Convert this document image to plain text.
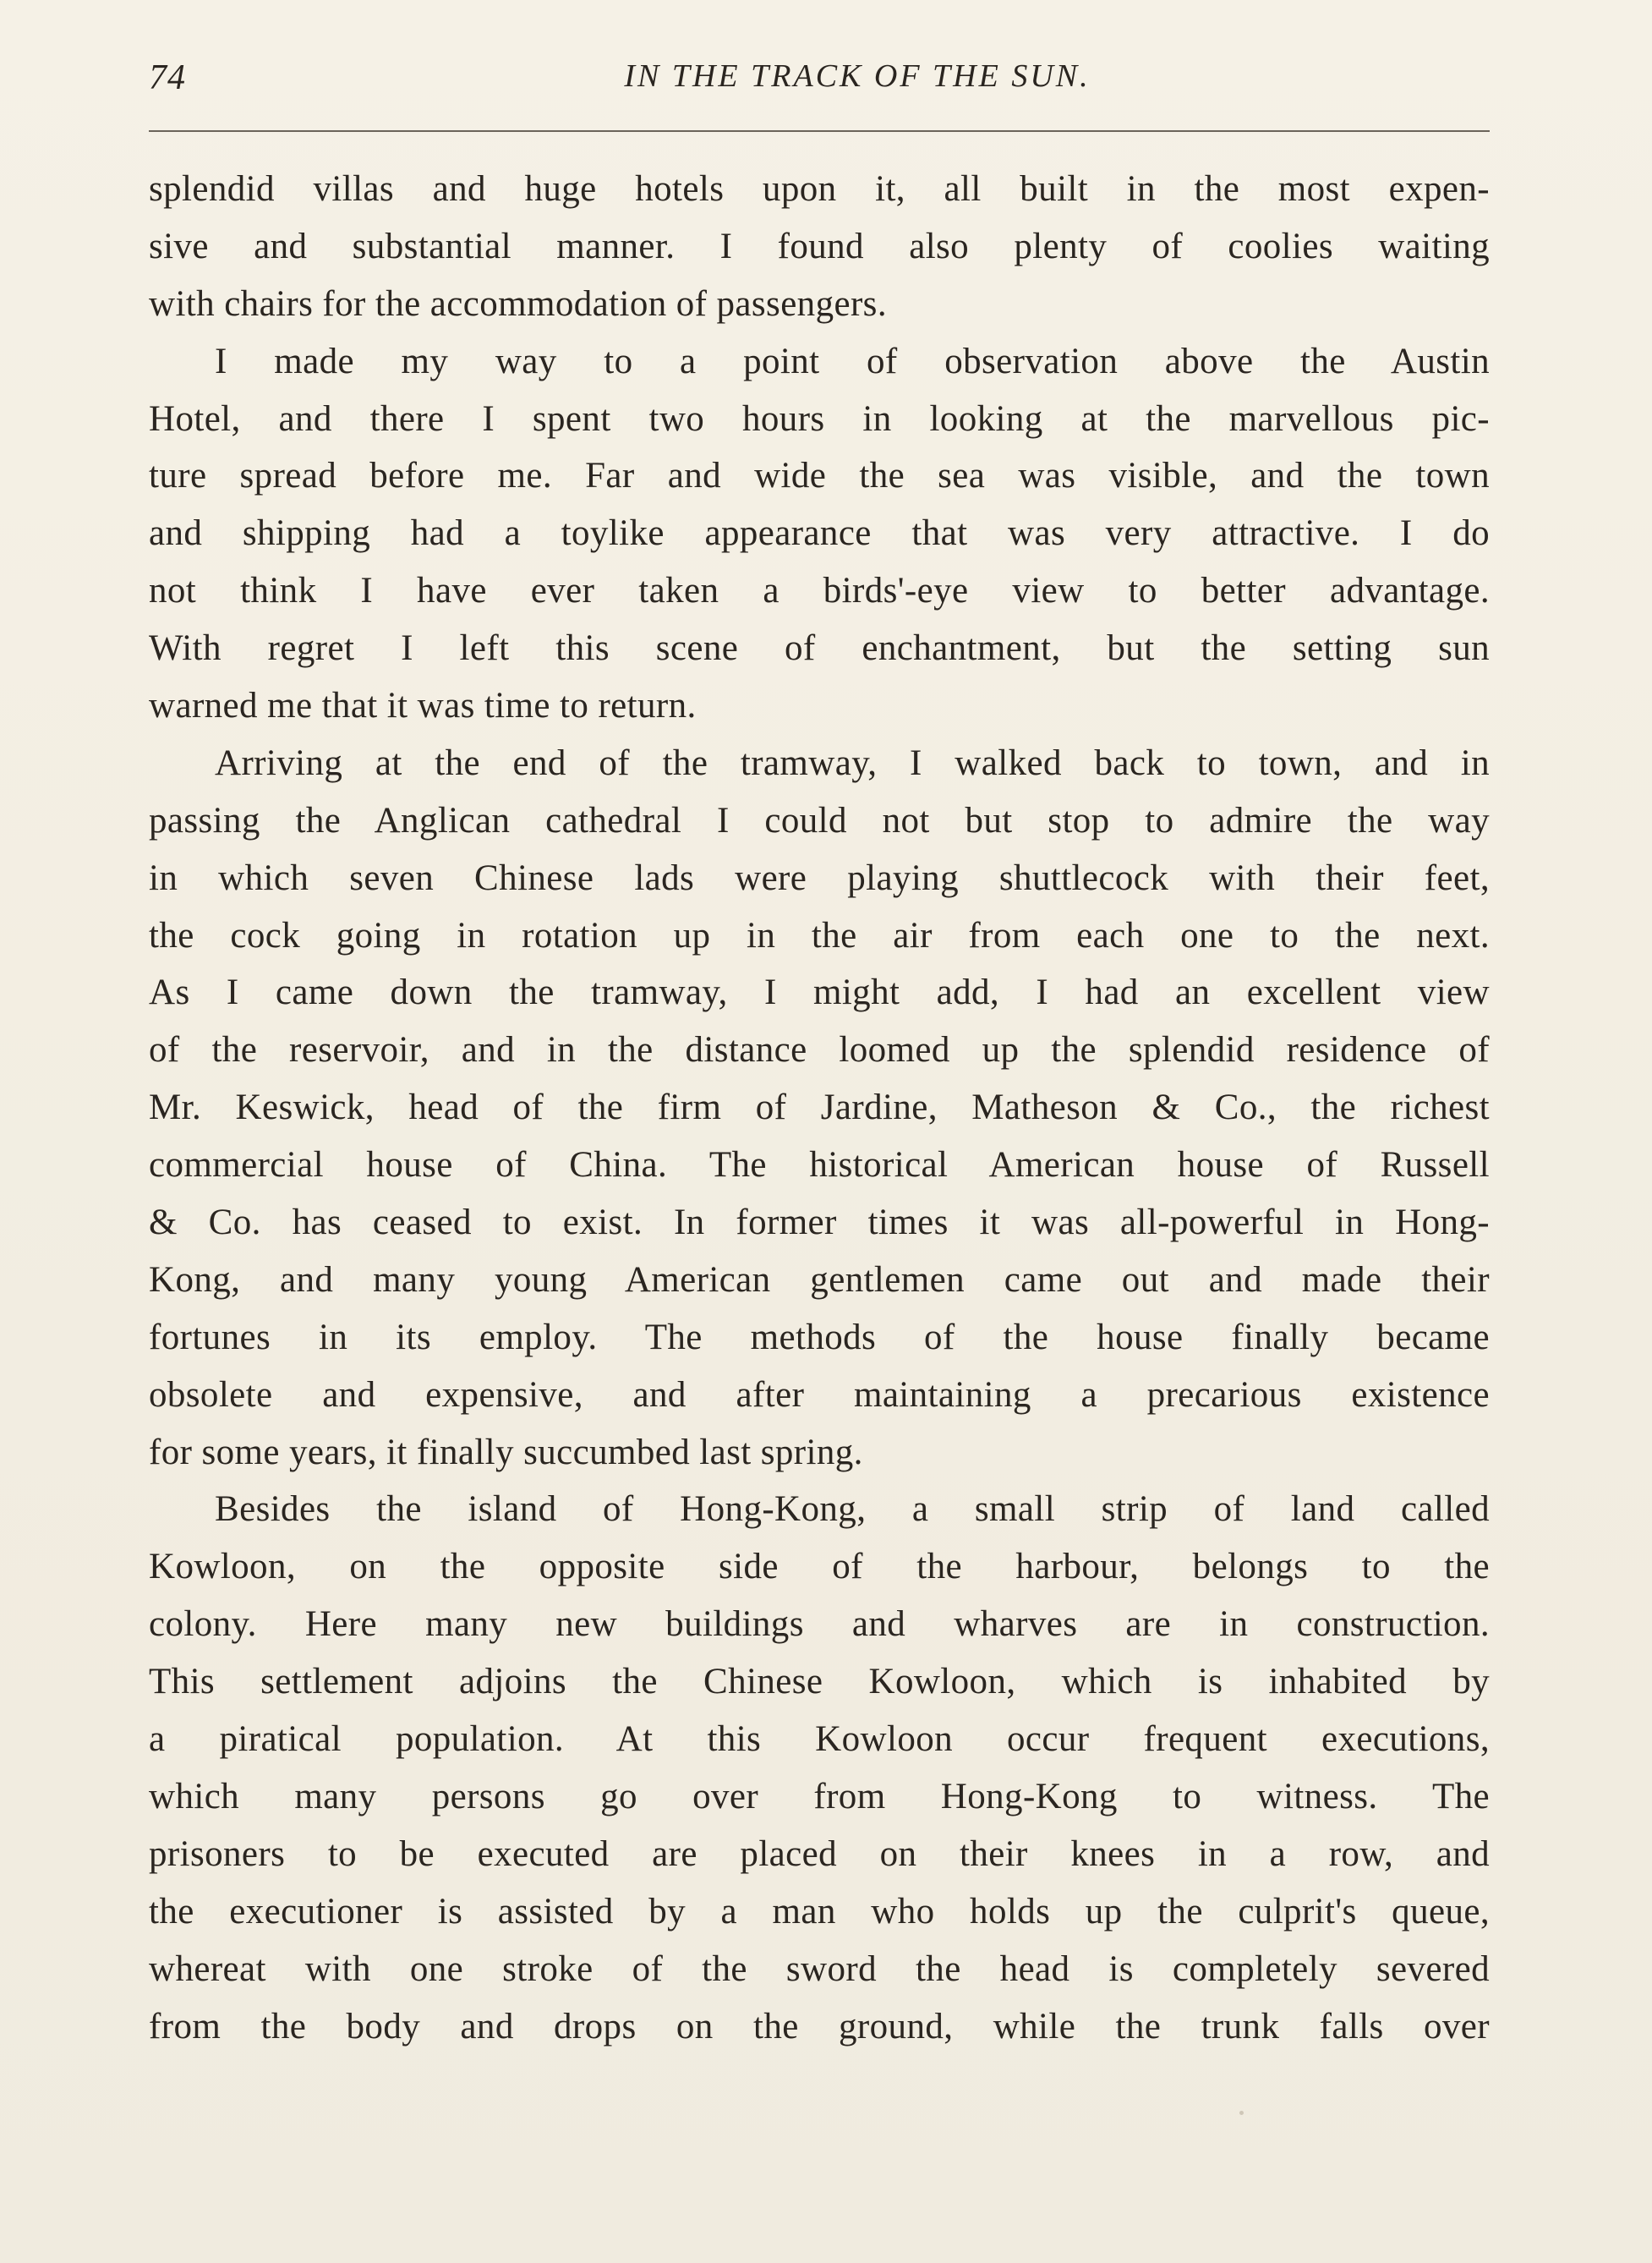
74	IN THE TRACK OF THE SUN.
splendid villas and huge hotels upon it, all built in the most expen-
sive and substantial manner. I found also plenty of coolies waiting
with chairs for the accommodation of passengers.
I made my way to a point of observation above the Austin
Hotel, and there I spent two hours in looking at the marvellous pic-
ture spread before me. Far and wide the sea was visible, and the town
and shipping had a toylike appearance that was very attractive. I do
not think I have ever taken a birds'-eye view to better advantage.
With regret I left this scene of enchantment, but the setting sun
warned me that it was time to return.
Arriving at the end of the tramway, I walked back to town, and in
passing the Anglican cathedral I could not but stop to admire the way
in which seven Chinese lads were playing shuttlecock with their feet,
the cock going in rotation up in the air from each one to the next.
As I came down the tramway, I might add, I had an excellent view
of the reservoir, and in the distance loomed up the splendid residence of
Mr. Keswick, head of the firm of Jardine, Matheson & Co., the richest
commercial house of China. The historical American house of Russell
& Co. has ceased to exist. In former times it was all-powerful in Hong-
Kong, and many young American gentlemen came out and made their
fortunes in its employ. The methods of the house finally became
obsolete and expensive, and after maintaining a precarious existence
for some years, it finally succumbed last spring.
Besides the island of Hong-Kong, a small strip of land called
Kowloon, on the opposite side of the harbour, belongs to the
colony. Here many new buildings and wharves are in construction.
This settlement adjoins the Chinese Kowloon, which is inhabited by
a piratical population. At this Kowloon occur frequent executions,
which many persons go over from Hong-Kong to witness. The
prisoners to be executed are placed on their knees in a row, and
the executioner is assisted by a man who holds up the culprit's queue,
whereat with one stroke of the sword the head is completely severed
from the body and drops on the ground, while the trunk falls over
